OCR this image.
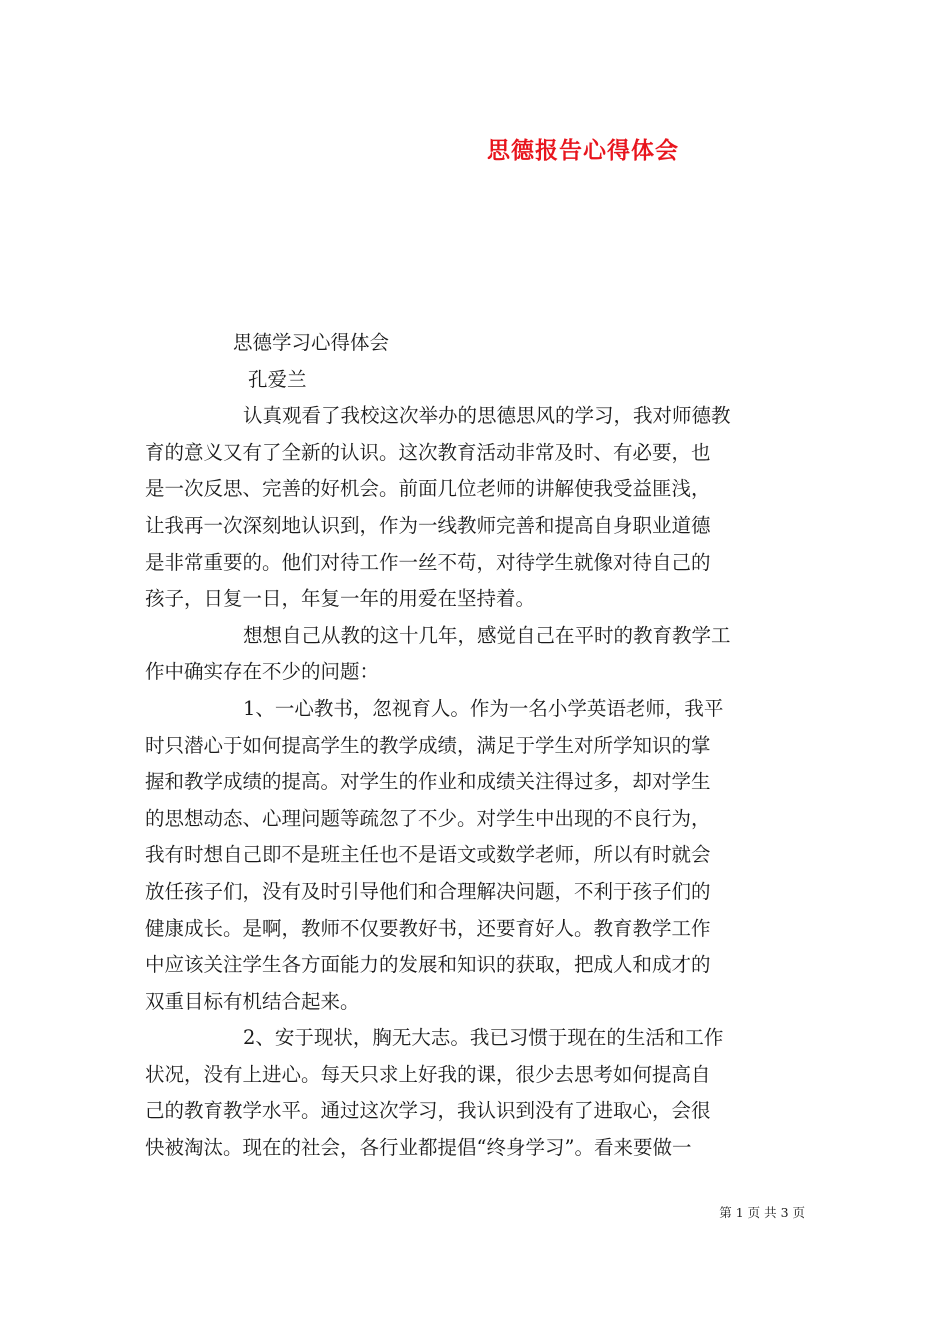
思德报告心得体会
思德学习心得体会
孔爱兰
认真观看了我校这次举办的思德思风的学习，我对师德教
育的意义又有了全新的认识。这次教育活动非常及时、有必要，也
是一次反思、完善的好机会。前面几位老师的讲解使我受益匪浅，
让我再一次深刻地认识到，作为一线教师完善和提高自身职业道德
是非常重要的。他们对待工作一丝不苟，对待学生就像对待自己的
孩子，日复一日，年复一年的用爱在坚持着。
想想自己从教的这十几年，感觉自己在平时的教育教学工
作中确实存在不少的问题：
1、一心教书，忽视育人。作为一名小学英语老师，我平
时只潜心于如何提高学生的教学成绩，满足于学生对所学知识的掌
握和教学成绩的提高。对学生的作业和成绩关注得过多，却对学生
的思想动态、心理问题等疏忽了不少。对学生中出现的不良行为，
我有时想自己即不是班主任也不是语文或数学老师，所以有时就会
放任孩子们，没有及时引导他们和合理解决问题，不利于孩子们的
健康成长。是啊，教师不仅要教好书，还要育好人。教育教学工作
中应该关注学生各方面能力的发展和知识的获取，把成人和成才的
双重目标有机结合起来。
2、安于现状，胸无大志。我已习惯于现在的生活和工作
状况，没有上进心。每天只求上好我的课，很少去思考如何提高自
己的教育教学水平。通过这次学习，我认识到没有了进取心，会很
快被淘汰。现在的社会，各行业都提倡“终身学习”。看来要做一
第 1 页 共 3 页
